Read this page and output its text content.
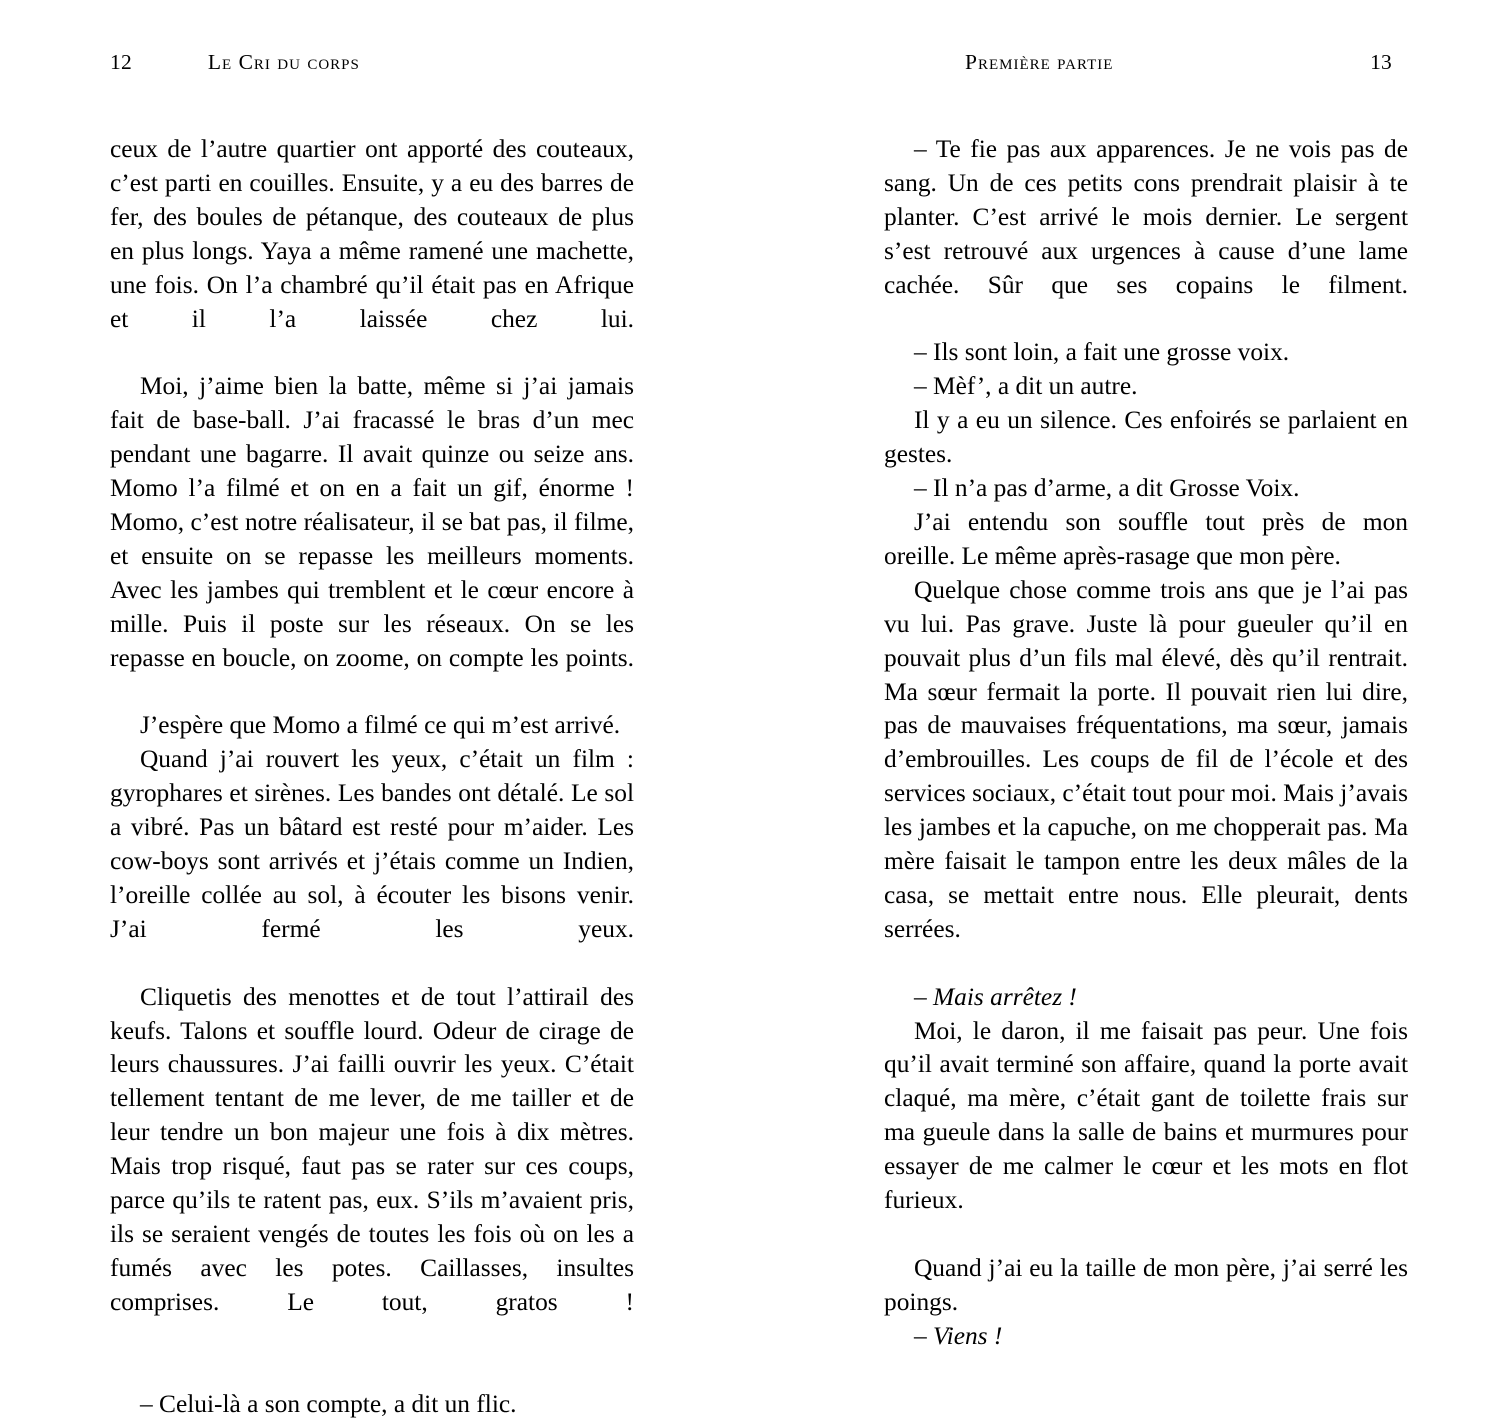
12	Le Cri du corps

ceux de l’autre quartier ont apporté des couteaux, c’est parti en couilles. Ensuite, y a eu des barres de fer, des boules de pétanque, des couteaux de plus en plus longs. Yaya a même ramené une machette, une fois. On l’a chambré qu’il était pas en Afrique et il l’a laissée chez lui.

Moi, j’aime bien la batte, même si j’ai jamais fait de base-ball. J’ai fracassé le bras d’un mec pendant une bagarre. Il avait quinze ou seize ans. Momo l’a filmé et on en a fait un gif, énorme ! Momo, c’est notre réalisateur, il se bat pas, il filme, et ensuite on se repasse les meilleurs moments. Avec les jambes qui tremblent et le cœur encore à mille. Puis il poste sur les réseaux. On se les repasse en boucle, on zoome, on compte les points.

J’espère que Momo a filmé ce qui m’est arrivé.

Quand j’ai rouvert les yeux, c’était un film : gyrophares et sirènes. Les bandes ont détalé. Le sol a vibré. Pas un bâtard est resté pour m’aider. Les cow-boys sont arrivés et j’étais comme un Indien, l’oreille collée au sol, à écouter les bisons venir. J’ai fermé les yeux.

Cliquetis des menottes et de tout l’attirail des keufs. Talons et souffle lourd. Odeur de cirage de leurs chaussures. J’ai failli ouvrir les yeux. C’était tellement tentant de me lever, de me tailler et de leur tendre un bon majeur une fois à dix mètres. Mais trop risqué, faut pas se rater sur ces coups, parce qu’ils te ratent pas, eux. S’ils m’avaient pris, ils se seraient vengés de toutes les fois où on les a fumés avec les potes. Caillasses, insultes comprises. Le tout, gratos !

– Celui-là a son compte, a dit un flic.

Première partie	13

– Te fie pas aux apparences. Je ne vois pas de sang. Un de ces petits cons prendrait plaisir à te planter. C’est arrivé le mois dernier. Le sergent s’est retrouvé aux urgences à cause d’une lame cachée. Sûr que ses copains le filment.

– Ils sont loin, a fait une grosse voix.

– Mèf’, a dit un autre.

Il y a eu un silence. Ces enfoirés se parlaient en gestes.

– Il n’a pas d’arme, a dit Grosse Voix.

J’ai entendu son souffle tout près de mon oreille. Le même après-rasage que mon père.

Quelque chose comme trois ans que je l’ai pas vu lui. Pas grave. Juste là pour gueuler qu’il en pouvait plus d’un fils mal élevé, dès qu’il rentrait. Ma sœur fermait la porte. Il pouvait rien lui dire, pas de mauvaises fréquentations, ma sœur, jamais d’embrouilles. Les coups de fil de l’école et des services sociaux, c’était tout pour moi. Mais j’avais les jambes et la capuche, on me chopperait pas. Ma mère faisait le tampon entre les deux mâles de la casa, se mettait entre nous. Elle pleurait, dents serrées.

– Mais arrêtez !

Moi, le daron, il me faisait pas peur. Une fois qu’il avait terminé son affaire, quand la porte avait claqué, ma mère, c’était gant de toilette frais sur ma gueule dans la salle de bains et murmures pour essayer de me calmer le cœur et les mots en flot furieux.

Quand j’ai eu la taille de mon père, j’ai serré les poings.

– Viens !
